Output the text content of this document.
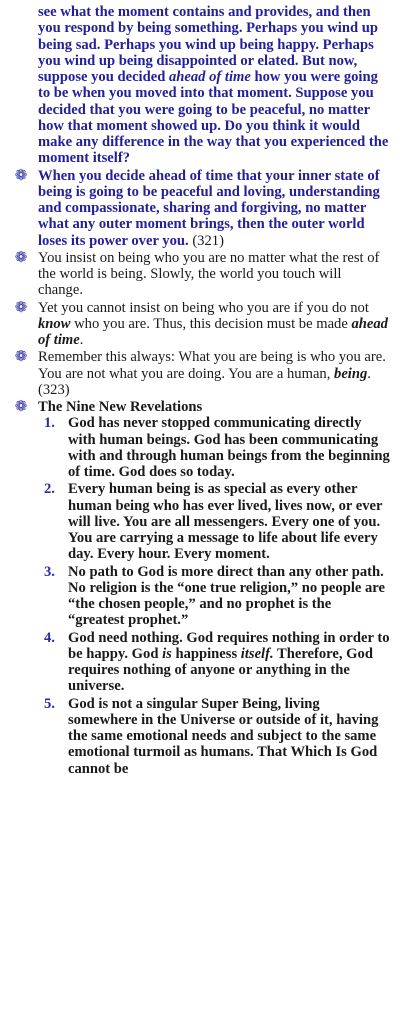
see what the moment contains and provides, and then you respond by being something. Perhaps you wind up being sad. Perhaps you wind up being happy. Perhaps you wind up being disappointed or elated. But now, suppose you decided ahead of time how you were going to be when you moved into that moment. Suppose you decided that you were going to be peaceful, no matter how that moment showed up. Do you think it would make any difference in the way that you experienced the moment itself?
❁ When you decide ahead of time that your inner state of being is going to be peaceful and loving, understanding and compassionate, sharing and forgiving, no matter what any outer moment brings, then the outer world loses its power over you. (321)
❁ You insist on being who you are no matter what the rest of the world is being. Slowly, the world you touch will change.
❁ Yet you cannot insist on being who you are if you do not know who you are. Thus, this decision must be made ahead of time.
❁ Remember this always: What you are being is who you are. You are not what you are doing. You are a human, being. (323)
❁ The Nine New Revelations
1. God has never stopped communicating directly with human beings. God has been communicating with and through human beings from the beginning of time. God does so today.
2. Every human being is as special as every other human being who has ever lived, lives now, or ever will live. You are all messengers. Every one of you. You are carrying a message to life about life every day. Every hour. Every moment.
3. No path to God is more direct than any other path. No religion is the “one true religion,” no people are “the chosen people,” and no prophet is the “greatest prophet.”
4. God need nothing. God requires nothing in order to be happy. God is happiness itself. Therefore, God requires nothing of anyone or anything in the universe.
5. God is not a singular Super Being, living somewhere in the Universe or outside of it, having the same emotional needs and subject to the same emotional turmoil as humans. That Which Is God cannot be
